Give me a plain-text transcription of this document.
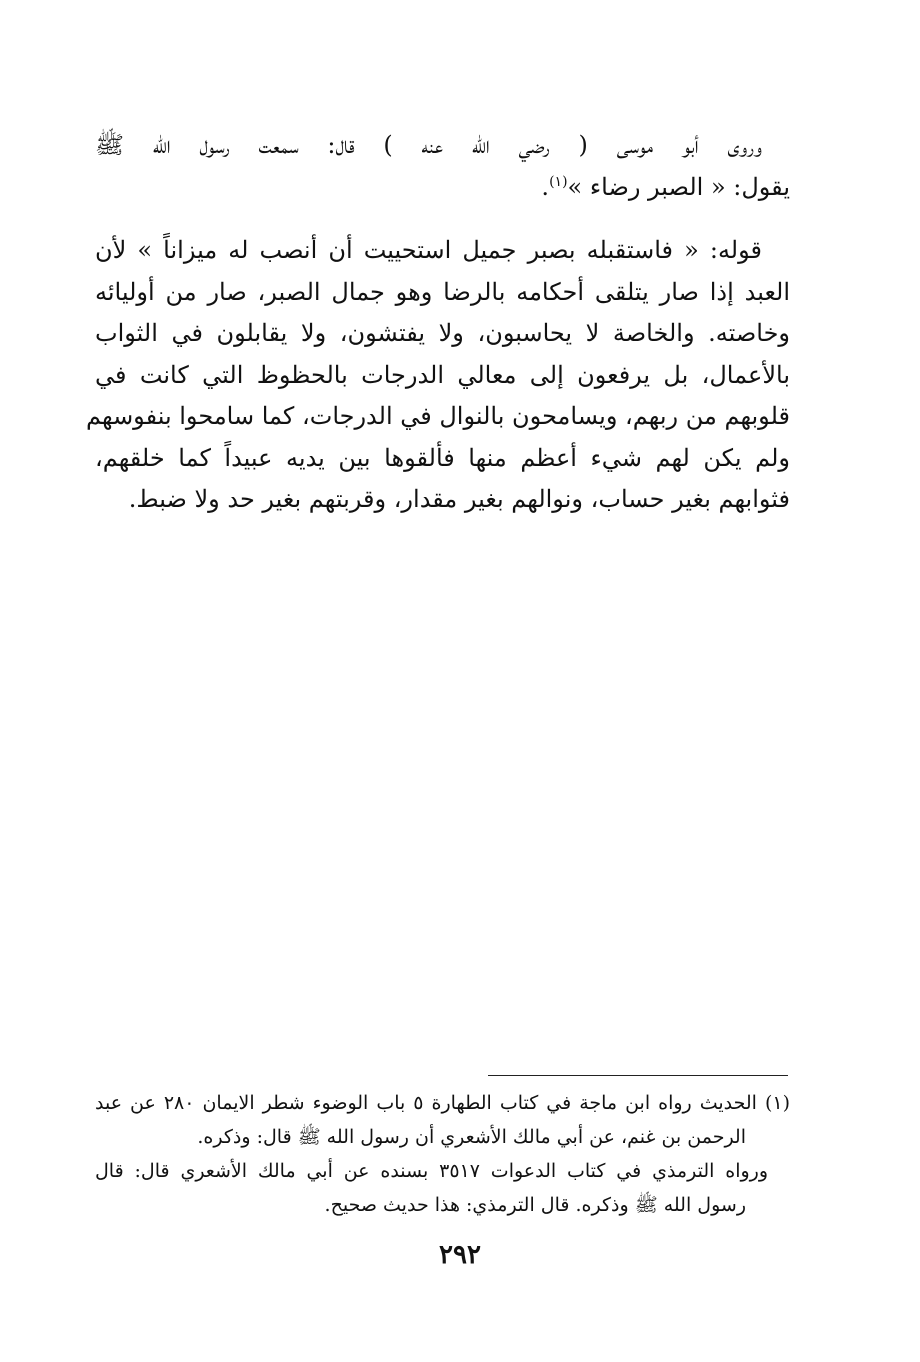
وروى أبو موسى ( رضي الله عنه ) قال: سمعت رسول الله ﷺ
يقول: « الصبر رضاء »$^{(١)}$.
قوله: « فاستقبله بصبر جميل استحييت أن أنصب له ميزاناً » لأن
العبد إذا صار يتلقى أحكامه بالرضا وهو جمال الصبر، صار من أوليائه
وخاصته. والخاصة لا يحاسبون، ولا يفتشون، ولا يقابلون في الثواب
بالأعمال، بل يرفعون إلى معالي الدرجات بالحظوظ التي كانت في
قلوبهم من ربهم، ويسامحون بالنوال في الدرجات، كما سامحوا بنفوسهم
ولم يكن لهم شيء أعظم منها فألقوها بين يديه عبيداً كما خلقهم،
فثوابهم بغير حساب، ونوالهم بغير مقدار، وقربتهم بغير حد ولا ضبط.
(١) الحديث رواه ابن ماجة في كتاب الطهارة ٥ باب الوضوء شطر الايمان ٢٨٠ عن عبد
الرحمن بن غنم، عن أبي مالك الأشعري أن رسول الله ﷺ قال: وذكره.
ورواه الترمذي في كتاب الدعوات ٣٥١٧ بسنده عن أبي مالك الأشعري قال: قال
رسول الله ﷺ وذكره. قال الترمذي: هذا حديث صحيح.
٢٩٢
